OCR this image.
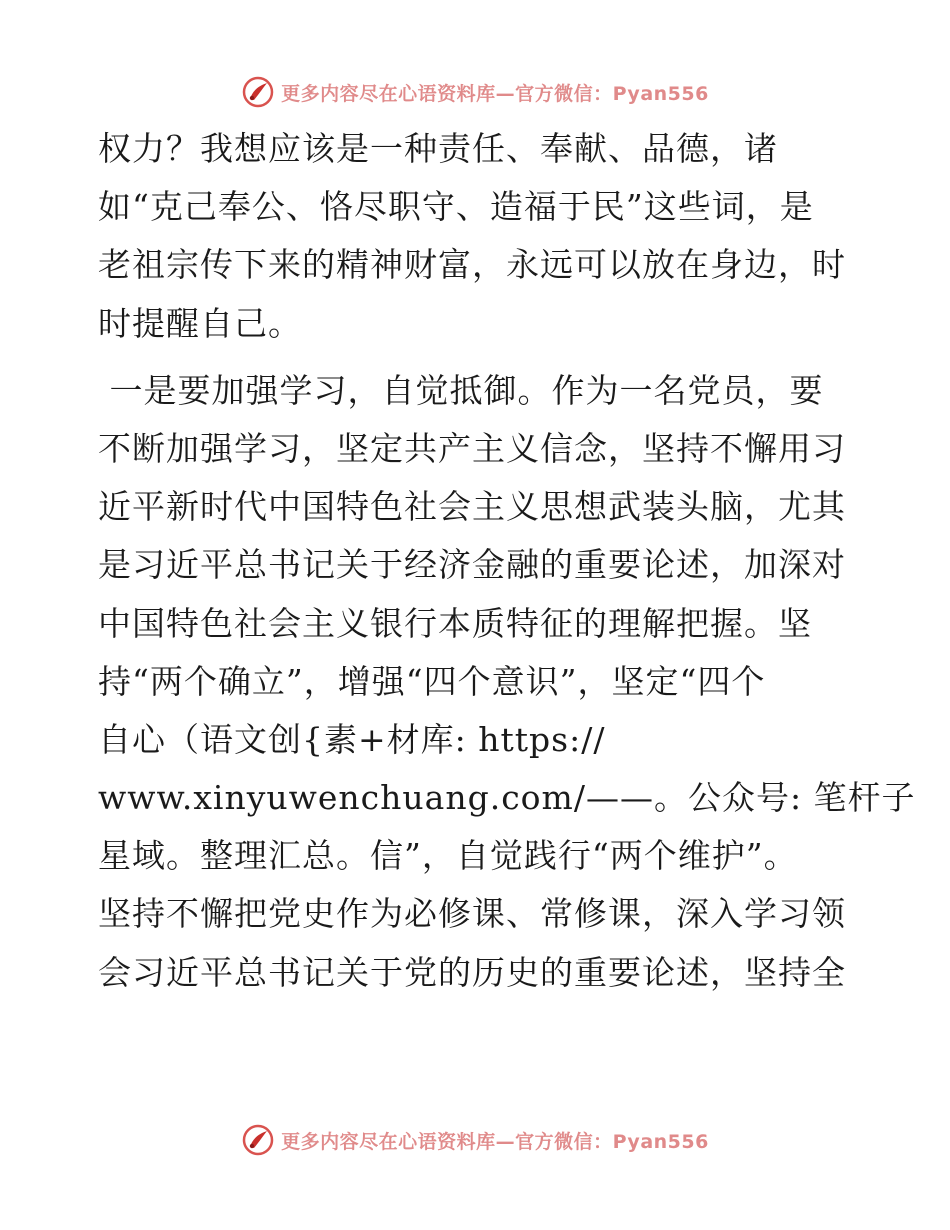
更多内容尽在心语资料库—官方微信：Pyan556
权力？我想应该是一种责任、奉献、品德，诸
如“克己奉公、恪尽职守、造福于民”这些词，是
老祖宗传下来的精神财富，永远可以放在身边，时
时提醒自己。
一是要加强学习，自觉抵御。作为一名党员，要
不断加强学习，坚定共产主义信念，坚持不懈用习
近平新时代中国特色社会主义思想武装头脑，尤其
是习近平总书记关于经济金融的重要论述，加深对
中国特色社会主义银行本质特征的理解把握。坚
持“两个确立”，增强“四个意识”，坚定“四个
自心（语文创{素+材库: https://
www.xinyuwenchuang.com/——。公众号: 笔杆子
星域。整理汇总。信”，自觉践行“两个维护”。
坚持不懈把党史作为必修课、常修课，深入学习领
会习近平总书记关于党的历史的重要论述，坚持全
更多内容尽在心语资料库—官方微信：Pyan556
